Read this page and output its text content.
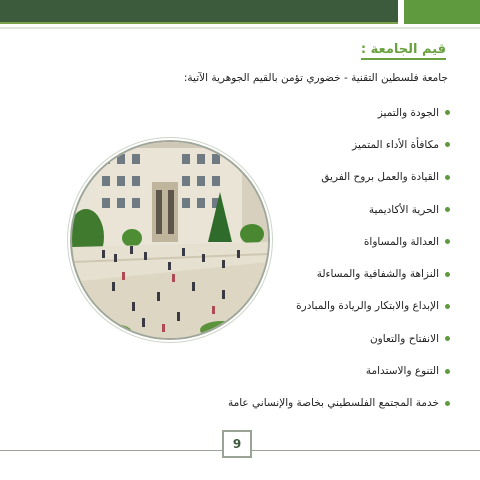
قيم الجامعة :
جامعة فلسطين التقنية - خضوري تؤمن بالقيم الجوهرية الآتية:
الجودة والتميز
مكافأة الأداء المتميز
القيادة والعمل بروح الفريق
الحرية الأكاديمية
العدالة والمساواة
النزاهة والشفافية والمساءلة
الإبداع والابتكار والريادة والمبادرة
الانفتاح والتعاون
التنوع والاستدامة
خدمة المجتمع الفلسطيني بخاصة والإنساني عامة
9
